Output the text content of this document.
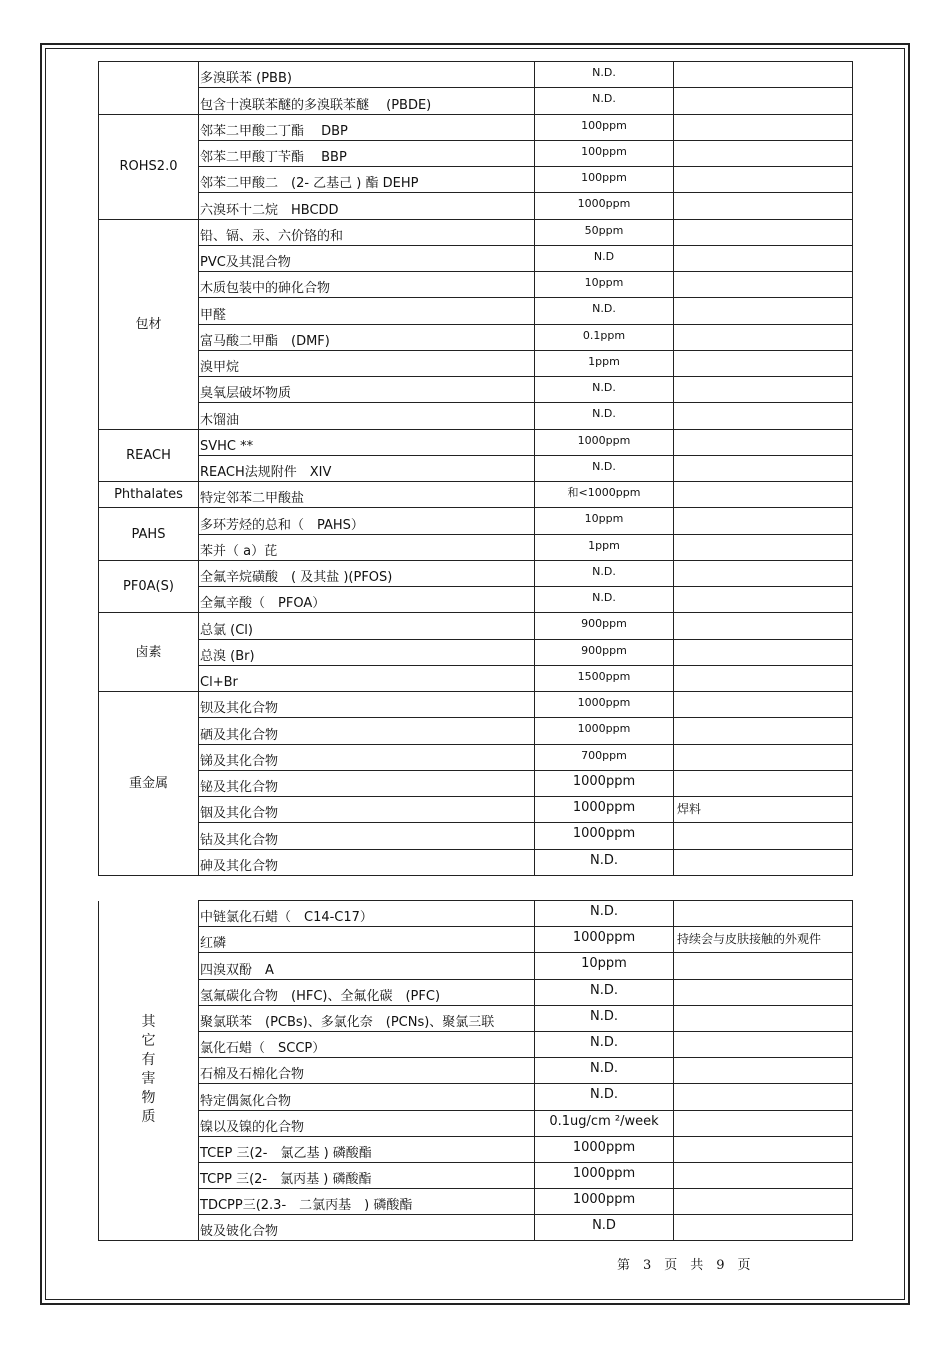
	多溴联苯 (PBB)	N.D.	
	包含十溴联苯醚的多溴联苯醚　 (PBDE)	N.D.	
ROHS2.0	邻苯二甲酸二丁酯　 DBP	100ppm	
	邻苯二甲酸丁苄酯　 BBP	100ppm	
	邻苯二甲酸二　(2- 乙基己 ) 酯 DEHP	100ppm	
	六溴环十二烷　HBCDD	1000ppm	
包材	铅、镉、汞、六价铬的和	50ppm	
	PVC及其混合物	N.D	
	木质包装中的砷化合物	10ppm	
	甲醛	N.D.	
	富马酸二甲酯　(DMF)	0.1ppm	
	溴甲烷	1ppm	
	臭氧层破坏物质	N.D.	
	木馏油	N.D.	
REACH	SVHC **	1000ppm	
	REACH法规附件　XIV	N.D.	
Phthalates	特定邻苯二甲酸盐	和<1000ppm	
PAHS	多环芳烃的总和（　PAHS）	10ppm	
	苯并（ a）芘	1ppm	
PF0A(S)	全氟辛烷磺酸　( 及其盐 )(PFOS)	N.D.	
	全氟辛酸（　PFOA）	N.D.	
卤素	总氯 (Cl)	900ppm	
	总溴 (Br)	900ppm	
	Cl+Br	1500ppm	
重金属	钡及其化合物	1000ppm	
	硒及其化合物	1000ppm	
	锑及其化合物	700ppm	
	铋及其化合物	1000ppm	
	铟及其化合物	1000ppm	焊料
	钴及其化合物	1000ppm	
	砷及其化合物	N.D.	
其它有害物质	中链氯化石蜡（　C14-C17）	N.D.	
	红磷	1000ppm	持续会与皮肤接触的外观件
	四溴双酚　A	10ppm	
	氢氟碳化合物　(HFC)、全氟化碳　(PFC)	N.D.	
	聚氯联苯　(PCBs)、多氯化奈　(PCNs)、聚氯三联	N.D.	
	氯化石蜡（　SCCP）	N.D.	
	石棉及石棉化合物	N.D.	
	特定偶氮化合物	N.D.	
	镍以及镍的化合物	0.1ug/cm ²/week	
	TCEP 三(2-　氯乙基 ) 磷酸酯	1000ppm	
	TCPP 三(2-　氯丙基 ) 磷酸酯	1000ppm	
	TDCPP三(2.3-　二氯丙基　) 磷酸酯	1000ppm	
	铍及铍化合物	N.D	
第　3　页　共　9　页
